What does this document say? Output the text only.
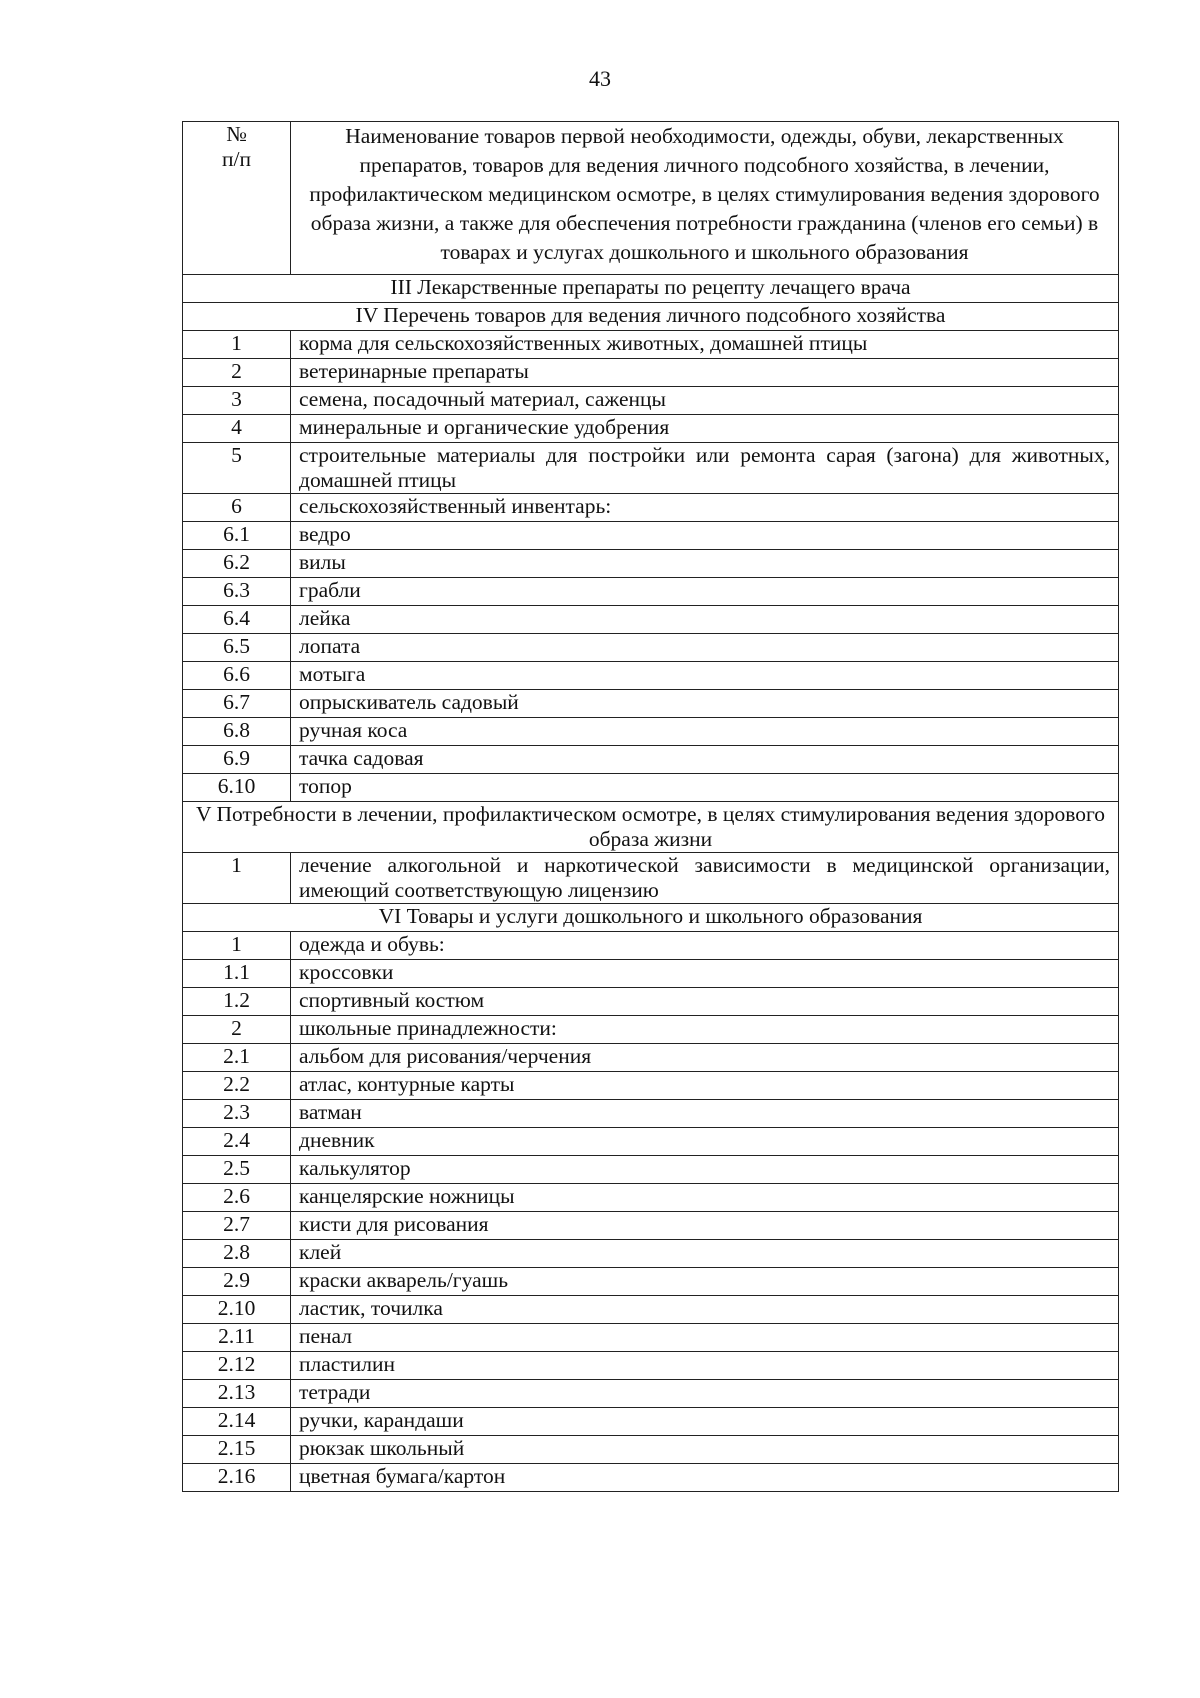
43
№
п/п	Наименование товаров первой необходимости, одежды, обуви, лекарственных препаратов, товаров для ведения личного подсобного хозяйства, в лечении, профилактическом медицинском осмотре, в целях стимулирования ведения здорового образа жизни, а также для обеспечения потребности гражданина (членов его семьи) в товарах и услугах дошкольного и школьного образования
III Лекарственные препараты по рецепту лечащего врача	
IV Перечень товаров для ведения личного подсобного хозяйства	
1	корма для сельскохозяйственных животных, домашней птицы
2	ветеринарные препараты
3	семена, посадочный материал, саженцы
4	минеральные и органические удобрения
5	строительные материалы для постройки или ремонта сарая (загона) для животных, домашней птицы
6	сельскохозяйственный инвентарь:
6.1	ведро
6.2	вилы
6.3	грабли
6.4	лейка
6.5	лопата
6.6	мотыга
6.7	опрыскиватель садовый
6.8	ручная коса
6.9	тачка садовая
6.10	топор
V Потребности в лечении, профилактическом осмотре, в целях стимулирования ведения здорового образа жизни	
1	лечение алкогольной и наркотической зависимости в медицинской организации, имеющий соответствующую лицензию
VI Товары и услуги дошкольного и школьного образования	
1	одежда и обувь:
1.1	кроссовки
1.2	спортивный костюм
2	школьные принадлежности:
2.1	альбом для рисования/черчения
2.2	атлас, контурные карты
2.3	ватман
2.4	дневник
2.5	калькулятор
2.6	канцелярские ножницы
2.7	кисти для рисования
2.8	клей
2.9	краски акварель/гуашь
2.10	ластик, точилка
2.11	пенал
2.12	пластилин
2.13	тетради
2.14	ручки, карандаши
2.15	рюкзак школьный
2.16	цветная бумага/картон
